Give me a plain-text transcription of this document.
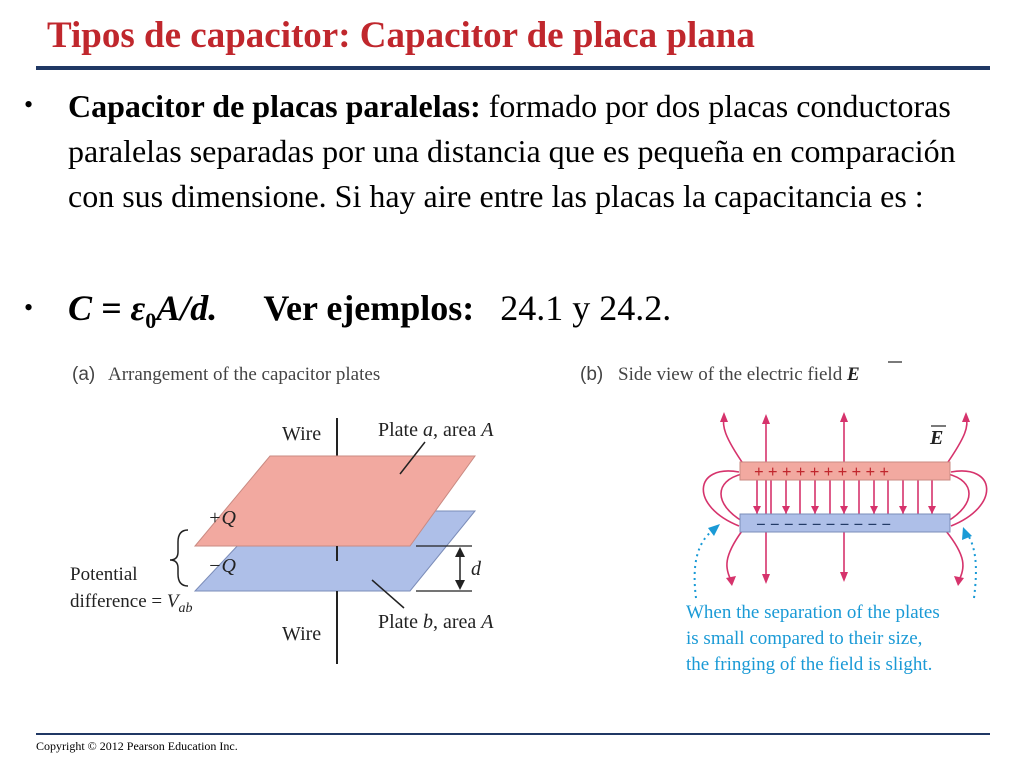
Tipos de capacitor: Capacitor de placa plana
• Capacitor de placas paralelas: formado por dos placas conductoras paralelas separadas por una distancia que es pequeña en comparación con sus dimensione. Si hay aire entre las placas la capacitancia es :

• $C = \varepsilon_0A/d$. Ver ejemplos: 24.1 y 24.2.
(a) Arrangement of the capacitor plates
Wire
Wire
Plate a, area A
Plate b, area A
+Q
−Q
Potential
difference = $V_{ab}$
d
(b) Side view of the electric field E
+ + + + + + + + + +
− − − − − − − − − −
E
When the separation of the plates
is small compared to their size,
the fringing of the field is slight.
Copyright © 2012 Pearson Education Inc.
